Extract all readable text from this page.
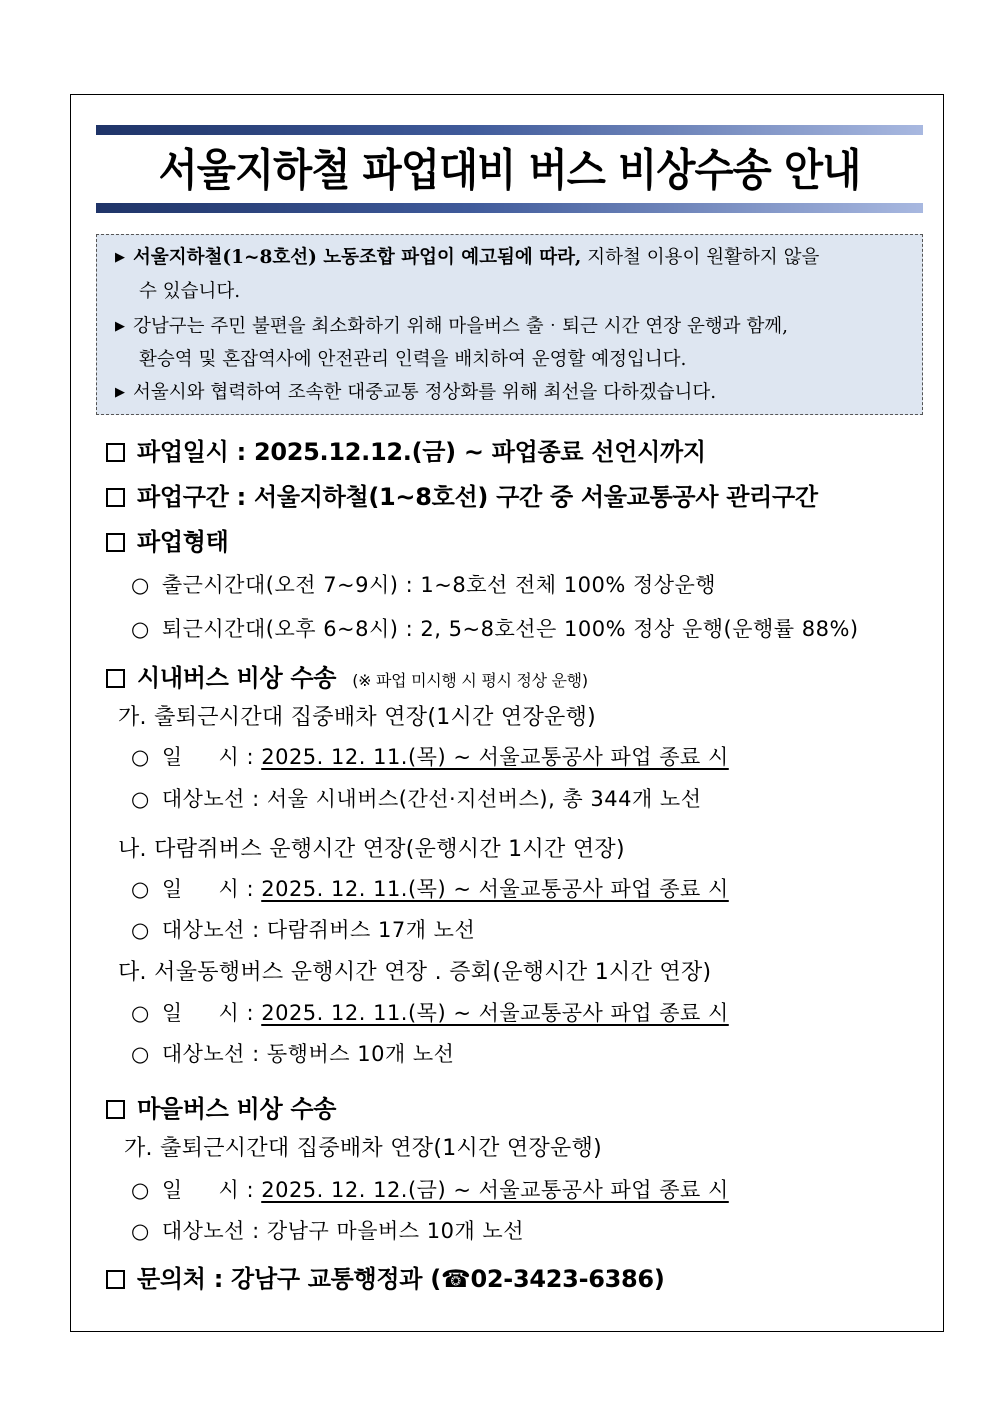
서울지하철 파업대비 버스 비상수송 안내
▶ 서울지하철(1~8호선) 노동조합 파업이 예고됨에 따라, 지하철 이용이 원활하지 않을
수 있습니다.
▶ 강남구는 주민 불편을 최소화하기 위해 마을버스 출‧퇴근 시간 연장 운행과 함께,
환승역 및 혼잡역사에 안전관리 인력을 배치하여 운영할 예정입니다.
▶ 서울시와 협력하여 조속한 대중교통 정상화를 위해 최선을 다하겠습니다.
파업일시 : 2025.12.12.(금) ~ 파업종료 선언시까지
파업구간 : 서울지하철(1~8호선) 구간 중 서울교통공사 관리구간
파업형태
○ 출근시간대(오전 7~9시) : 1~8호선 전체 100% 정상운행
○ 퇴근시간대(오후 6~8시) : 2, 5~8호선은 100% 정상 운행(운행률 88%)
시내버스 비상 수송 (※ 파업 미시행 시 평시 정상 운행)
가. 출퇴근시간대 집중배차 연장(1시간 연장운행)
○ 일     시 : 2025. 12. 11.(목) ~ 서울교통공사 파업 종료 시
○ 대상노선 : 서울 시내버스(간선·지선버스), 총 344개 노선
나. 다람쥐버스 운행시간 연장(운행시간 1시간 연장)
○ 일     시 : 2025. 12. 11.(목) ~ 서울교통공사 파업 종료 시
○ 대상노선 : 다람쥐버스 17개 노선
다. 서울동행버스 운행시간 연장 . 증회(운행시간 1시간 연장)
○ 일     시 : 2025. 12. 11.(목) ~ 서울교통공사 파업 종료 시
○ 대상노선 : 동행버스 10개 노선
마을버스 비상 수송
가. 출퇴근시간대 집중배차 연장(1시간 연장운행)
○ 일     시 : 2025. 12. 12.(금) ~ 서울교통공사 파업 종료 시
○ 대상노선 : 강남구 마을버스 10개 노선
문의처 : 강남구 교통행정과 (☎02-3423-6386)
